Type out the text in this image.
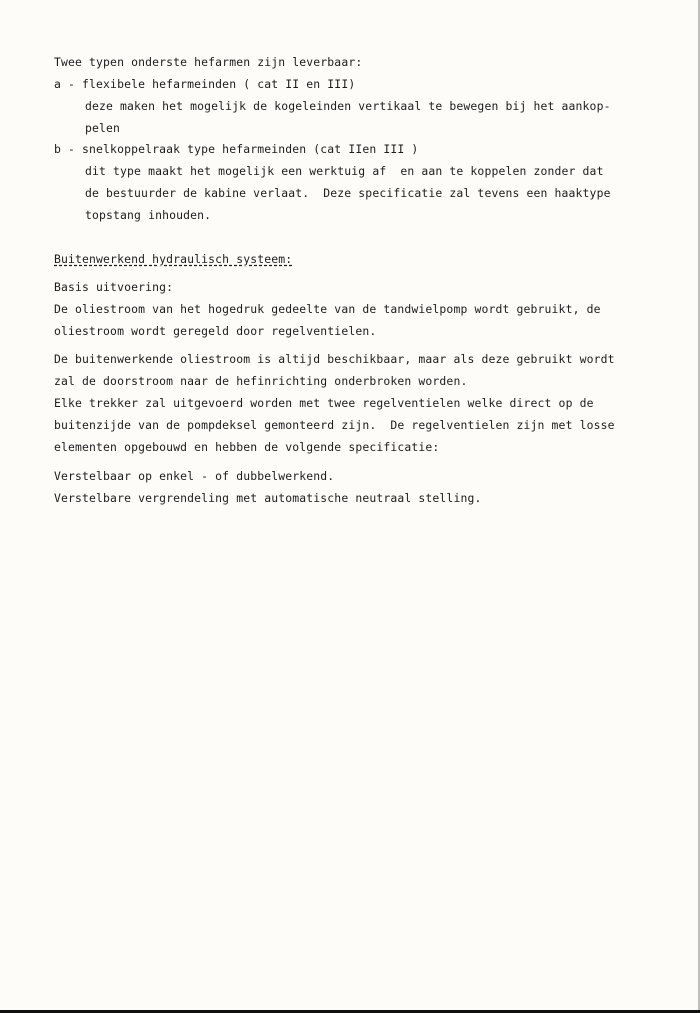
Twee typen onderste hefarmen zijn leverbaar:
a - flexibele hefarmeinden ( cat II en III)
deze maken het mogelijk de kogeleinden vertikaal te bewegen bij het aankop-
pelen
b - snelkoppelraak type hefarmeinden (cat IIen III )
dit type maakt het mogelijk een werktuig af  en aan te koppelen zonder dat
de bestuurder de kabine verlaat.  Deze specificatie zal tevens een haaktype
topstang inhouden.
Buitenwerkend hydraulisch systeem:
Basis uitvoering:
De oliestroom van het hogedruk gedeelte van de tandwielpomp wordt gebruikt, de
oliestroom wordt geregeld door regelventielen.
De buitenwerkende oliestroom is altijd beschikbaar, maar als deze gebruikt wordt
zal de doorstroom naar de hefinrichting onderbroken worden.
Elke trekker zal uitgevoerd worden met twee regelventielen welke direct op de
buitenzijde van de pompdeksel gemonteerd zijn.  De regelventielen zijn met losse
elementen opgebouwd en hebben de volgende specificatie:
Verstelbaar op enkel - of dubbelwerkend.
Verstelbare vergrendeling met automatische neutraal stelling.
